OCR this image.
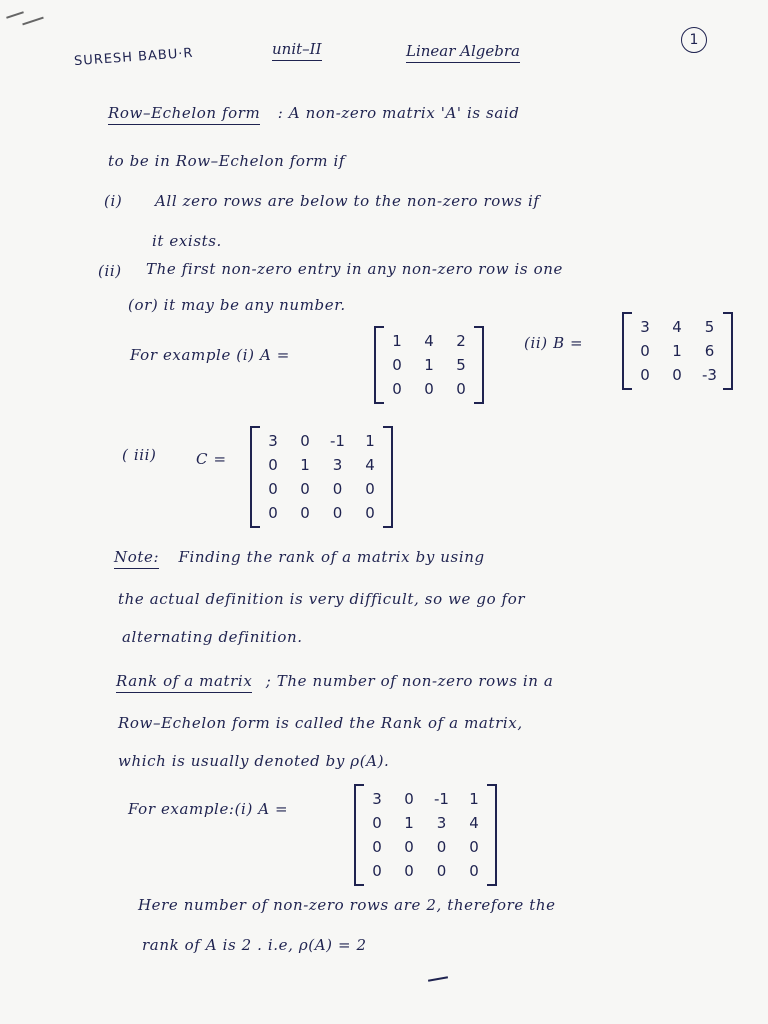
SURESH BABU·R	unit–II	Linear Algebra
1
Row–Echelon form : A non-zero matrix 'A' is said
to be in Row–Echelon form if
(i) All zero rows are below to the non-zero rows if
it exists.
(ii) The first non-zero entry in any non-zero row is one
(or) it may be any number.
For example (i) A =
1 4 2
0 1 5
0 0 0
(ii) B =
3 4 5
0 1 6
0 0 -3
( iii)	C =
3 0 -1 1
0 1 3 4
0 0 0 0
0 0 0 0
Note: Finding the rank of a matrix by using
the actual definition is very difficult, so we go for
alternating definition.
Rank of a matrix ; The number of non-zero rows in a
Row–Echelon form is called the Rank of a matrix,
which is usually denoted by ρ(A).
For example:(i) A =
3 0 -1 1
0 1 3 4
0 0 0 0
0 0 0 0
Here number of non-zero rows are 2, therefore the
rank of A is 2 . i.e, ρ(A) = 2
